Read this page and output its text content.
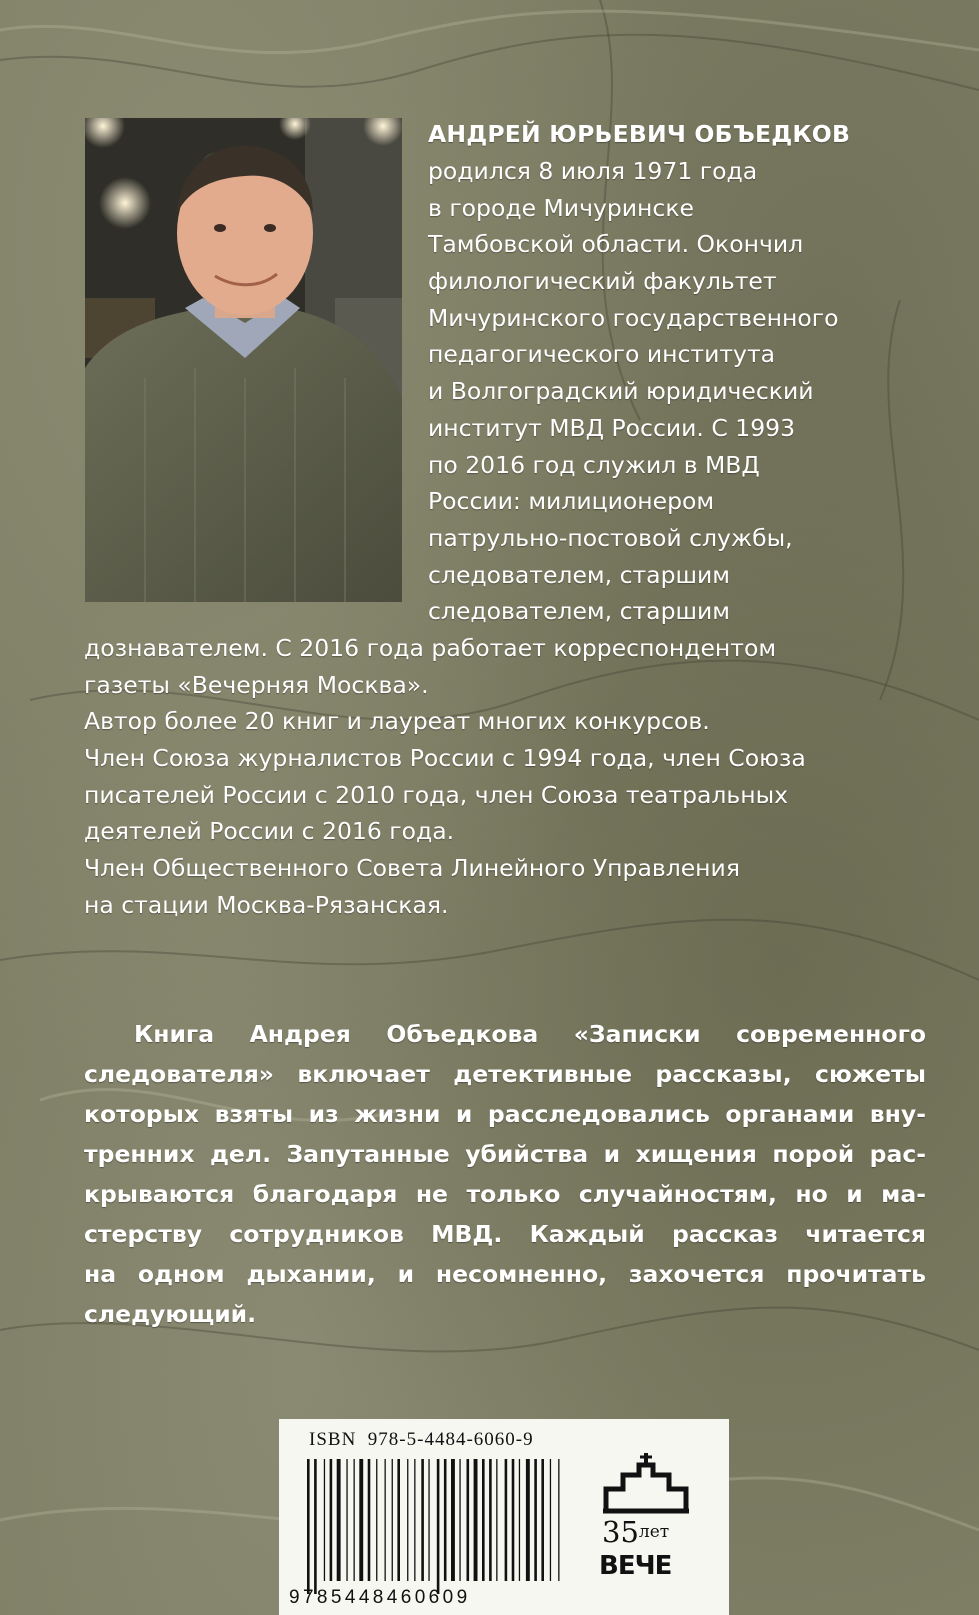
АНДРЕЙ ЮРЬЕВИЧ ОБЪЕДКОВ
родился 8 июля 1971 года
в городе Мичуринске
Тамбовской области. Окончил
филологический факультет
Мичуринского государственного
педагогического института
и Волгоградский юридический
институт МВД России. С 1993
по 2016 год служил в МВД
России: милиционером
патрульно-постовой службы,
следователем, старшим
следователем, старшим
дознавателем. С 2016 года работает корреспондентом
газеты «Вечерняя Москва».
Автор более 20 книг и лауреат многих конкурсов.
Член Союза журналистов России с 1994 года, член Союза
писателей России с 2010 года, член Союза театральных
деятелей России с 2016 года.
Член Общественного Совета Линейного Управления
на стации Москва-Рязанская.
Книга Андрея Объедкова «Записки современного
следователя» включает детективные рассказы, сюжеты
которых взяты из жизни и расследовались органами вну-
тренних дел. Запутанные убийства и хищения порой рас-
крываются благодаря не только случайностям, но и ма-
стерству сотрудников МВД. Каждый рассказ читается
на одном дыхании, и несомненно, захочется прочитать
следующий.
ISBN 978-5-4484-6060-9
9785448460609
$35^{лет}$
ВЕЧЕ
